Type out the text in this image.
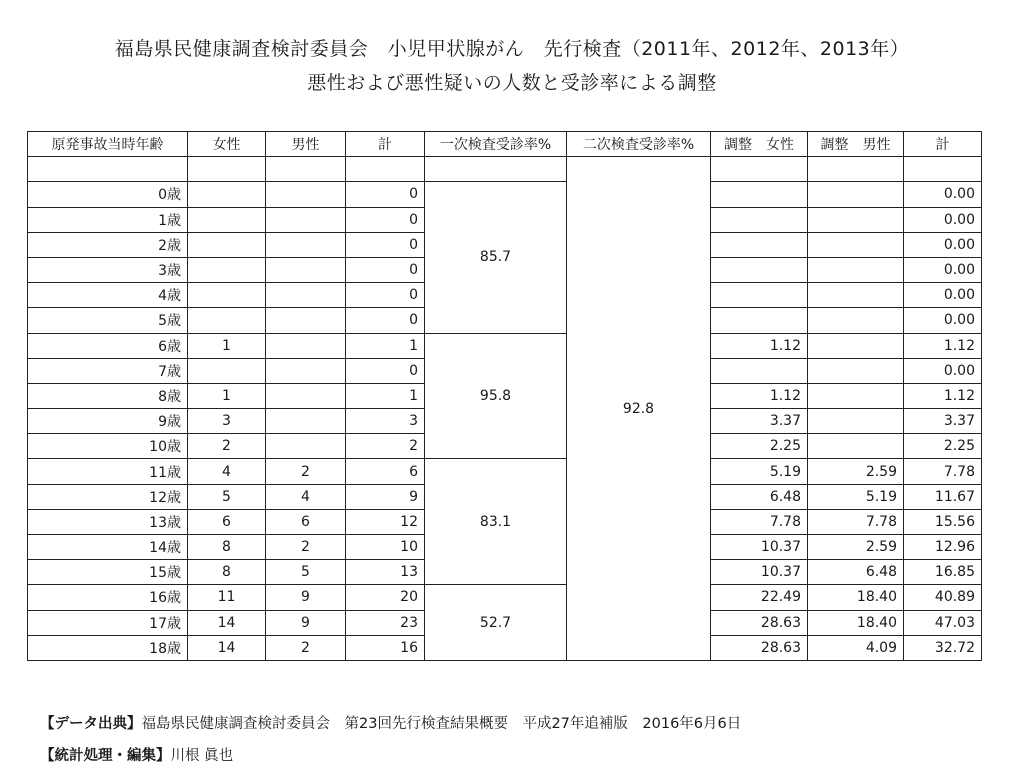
福島県民健康調査検討委員会　小児甲状腺がん　先行検査（2011年、2012年、2013年）
悪性および悪性疑いの人数と受診率による調整
原発事故当時年齢	女性	男性	計	一次検査受診率%	二次検査受診率%	調整　女性	調整　男性	計
					92.8			
0歳			0	85.7				0.00
1歳			0					0.00
2歳			0					0.00
3歳			0					0.00
4歳			0					0.00
5歳			0					0.00
6歳	1		1	95.8		1.12		1.12
7歳			0					0.00
8歳	1		1			1.12		1.12
9歳	3		3			3.37		3.37
10歳	2		2			2.25		2.25
11歳	4	2	6	83.1		5.19	2.59	7.78
12歳	5	4	9			6.48	5.19	11.67
13歳	6	6	12			7.78	7.78	15.56
14歳	8	2	10			10.37	2.59	12.96
15歳	8	5	13			10.37	6.48	16.85
16歳	11	9	20	52.7		22.49	18.40	40.89
17歳	14	9	23			28.63	18.40	47.03
18歳	14	2	16			28.63	4.09	32.72
【データ出典】福島県民健康調査検討委員会　第23回先行検査結果概要　平成27年追補版　2016年6月6日
【統計処理・編集】川根 眞也
